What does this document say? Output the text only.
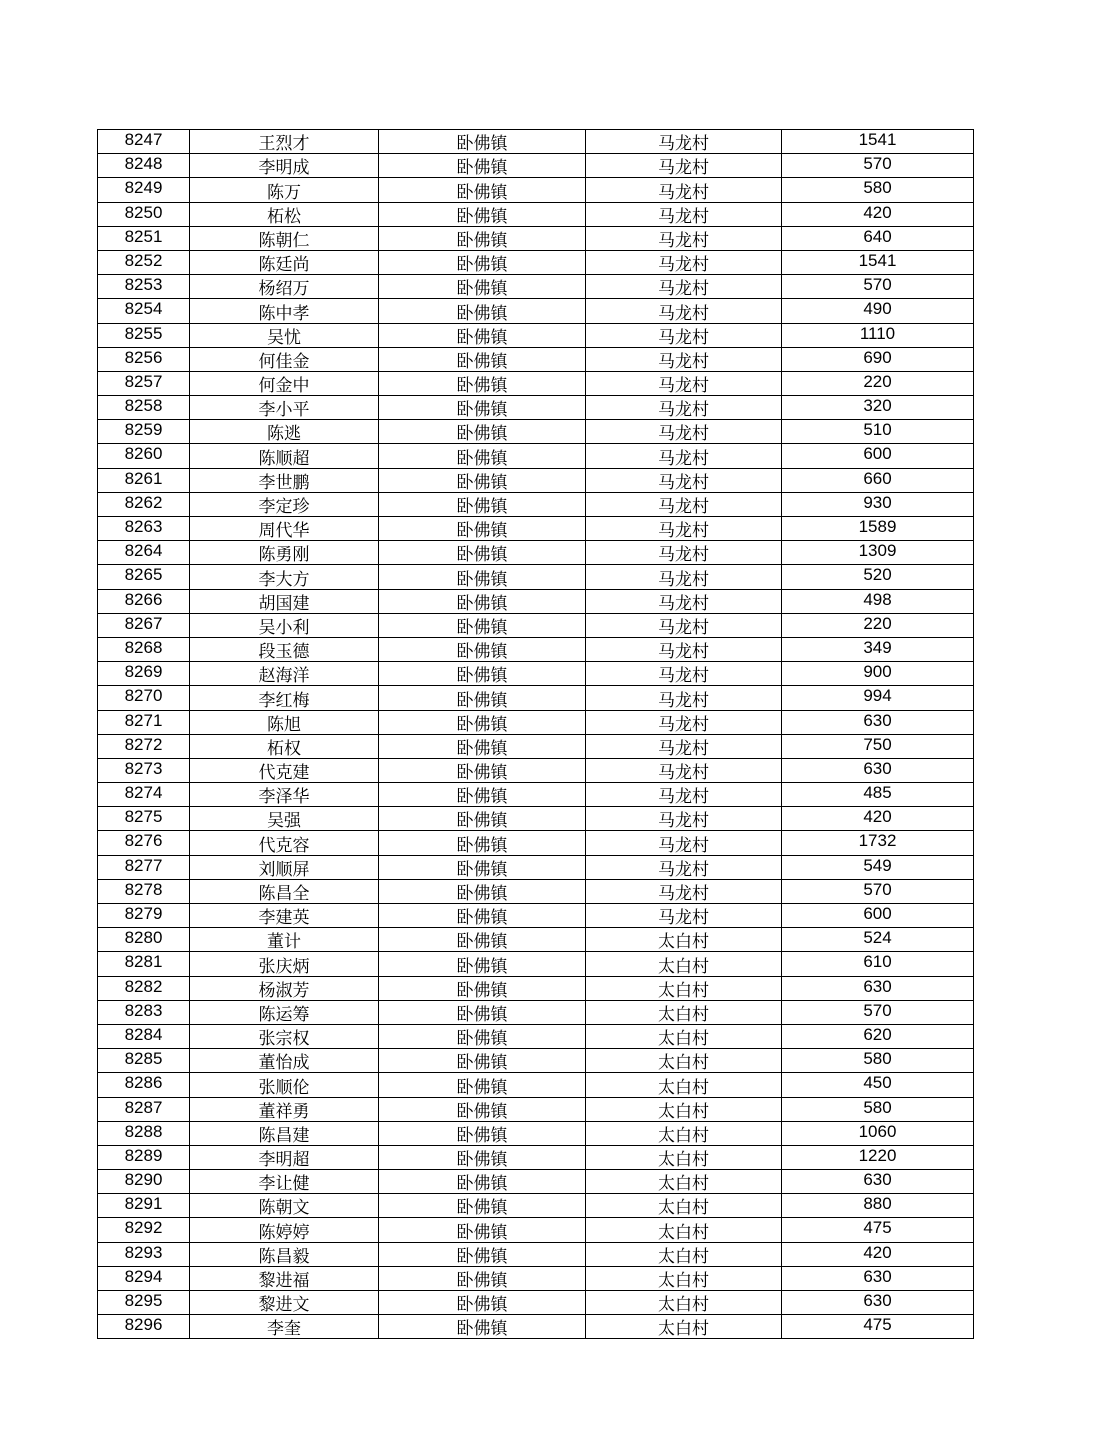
8247	王烈才	卧佛镇	马龙村	1541
8248	李明成	卧佛镇	马龙村	570
8249	陈万	卧佛镇	马龙村	580
8250	柘松	卧佛镇	马龙村	420
8251	陈朝仁	卧佛镇	马龙村	640
8252	陈廷尚	卧佛镇	马龙村	1541
8253	杨绍万	卧佛镇	马龙村	570
8254	陈中孝	卧佛镇	马龙村	490
8255	吴忧	卧佛镇	马龙村	1110
8256	何佳金	卧佛镇	马龙村	690
8257	何金中	卧佛镇	马龙村	220
8258	李小平	卧佛镇	马龙村	320
8259	陈逃	卧佛镇	马龙村	510
8260	陈顺超	卧佛镇	马龙村	600
8261	李世鹏	卧佛镇	马龙村	660
8262	李定珍	卧佛镇	马龙村	930
8263	周代华	卧佛镇	马龙村	1589
8264	陈勇刚	卧佛镇	马龙村	1309
8265	李大方	卧佛镇	马龙村	520
8266	胡国建	卧佛镇	马龙村	498
8267	吴小利	卧佛镇	马龙村	220
8268	段玉德	卧佛镇	马龙村	349
8269	赵海洋	卧佛镇	马龙村	900
8270	李红梅	卧佛镇	马龙村	994
8271	陈旭	卧佛镇	马龙村	630
8272	柘权	卧佛镇	马龙村	750
8273	代克建	卧佛镇	马龙村	630
8274	李泽华	卧佛镇	马龙村	485
8275	吴强	卧佛镇	马龙村	420
8276	代克容	卧佛镇	马龙村	1732
8277	刘顺屏	卧佛镇	马龙村	549
8278	陈昌全	卧佛镇	马龙村	570
8279	李建英	卧佛镇	马龙村	600
8280	董计	卧佛镇	太白村	524
8281	张庆炳	卧佛镇	太白村	610
8282	杨淑芳	卧佛镇	太白村	630
8283	陈运筹	卧佛镇	太白村	570
8284	张宗权	卧佛镇	太白村	620
8285	董怡成	卧佛镇	太白村	580
8286	张顺伦	卧佛镇	太白村	450
8287	董祥勇	卧佛镇	太白村	580
8288	陈昌建	卧佛镇	太白村	1060
8289	李明超	卧佛镇	太白村	1220
8290	李让健	卧佛镇	太白村	630
8291	陈朝文	卧佛镇	太白村	880
8292	陈婷婷	卧佛镇	太白村	475
8293	陈昌毅	卧佛镇	太白村	420
8294	黎进福	卧佛镇	太白村	630
8295	黎进文	卧佛镇	太白村	630
8296	李奎	卧佛镇	太白村	475
